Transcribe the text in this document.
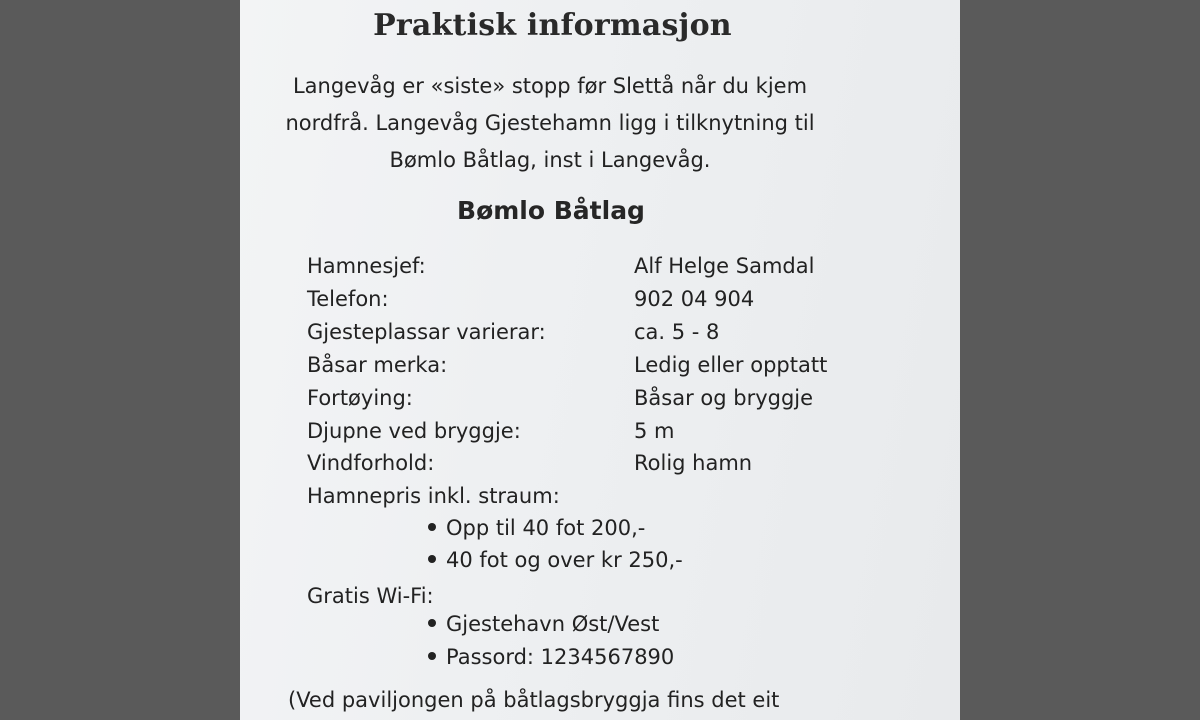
Praktisk informasjon
Langevåg er «siste» stopp før Slettå når du kjem
nordfrå. Langevåg Gjestehamn ligg i tilknytning til
Bømlo Båtlag, inst i Langevåg.
Bømlo Båtlag
Hamnesjef:	Alf Helge Samdal
Telefon:	902 04 904
Gjesteplassar varierar:	ca. 5 - 8
Båsar merka:	Ledig eller opptatt
Fortøying:	Båsar og bryggje
Djupne ved bryggje:	5 m
Vindforhold:	Rolig hamn
Hamnepris inkl. straum:
Opp til 40 fot 200,-
40 fot og over kr 250,-
Gratis Wi-Fi:
Gjestehavn Øst/Vest
Passord: 1234567890
(Ved paviljongen på båtlagsbryggja fins det eit
